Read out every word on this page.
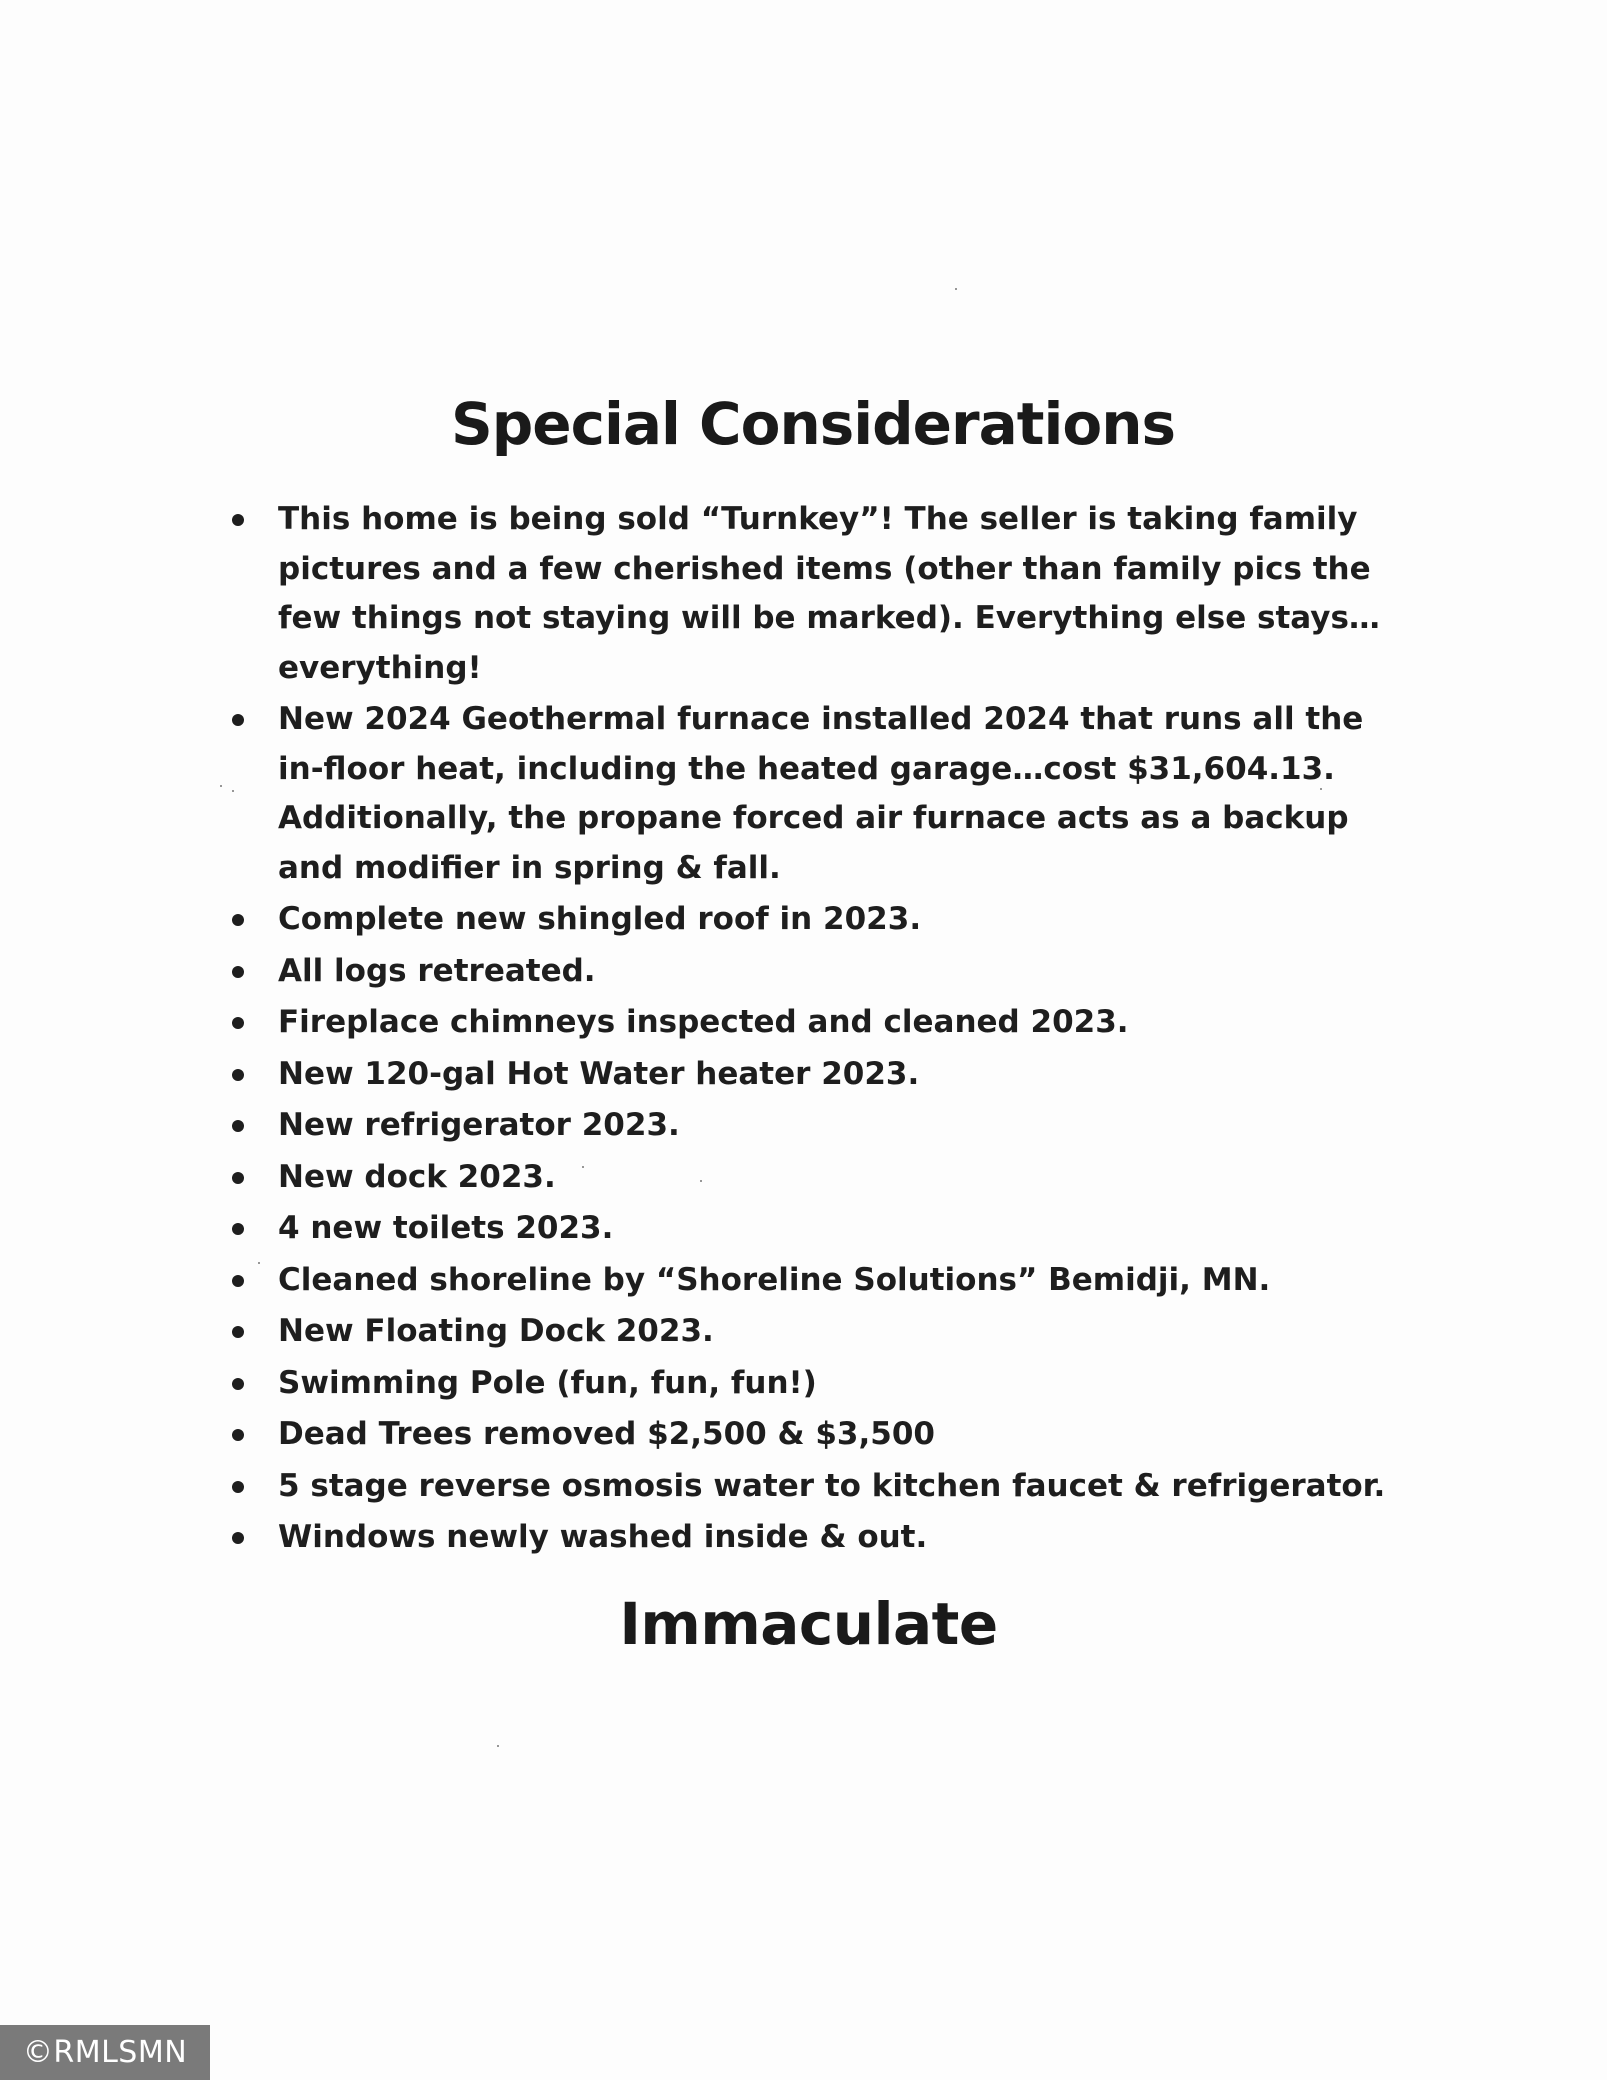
Special Considerations
This home is being sold “Turnkey”! The seller is taking family pictures and a few cherished items (other than family pics the few things not staying will be marked). Everything else stays…everything!
New 2024 Geothermal furnace installed 2024 that runs all the in-floor heat, including the heated garage…cost $31,604.13. Additionally, the propane forced air furnace acts as a backup and modifier in spring & fall.
Complete new shingled roof in 2023.
All logs retreated.
Fireplace chimneys inspected and cleaned 2023.
New 120-gal Hot Water heater 2023.
New refrigerator 2023.
New dock 2023.
4 new toilets 2023.
Cleaned shoreline by “Shoreline Solutions” Bemidji, MN.
New Floating Dock 2023.
Swimming Pole (fun, fun, fun!)
Dead Trees removed $2,500 & $3,500
5 stage reverse osmosis water to kitchen faucet & refrigerator.
Windows newly washed inside & out.
Immaculate
©RMLSMN
